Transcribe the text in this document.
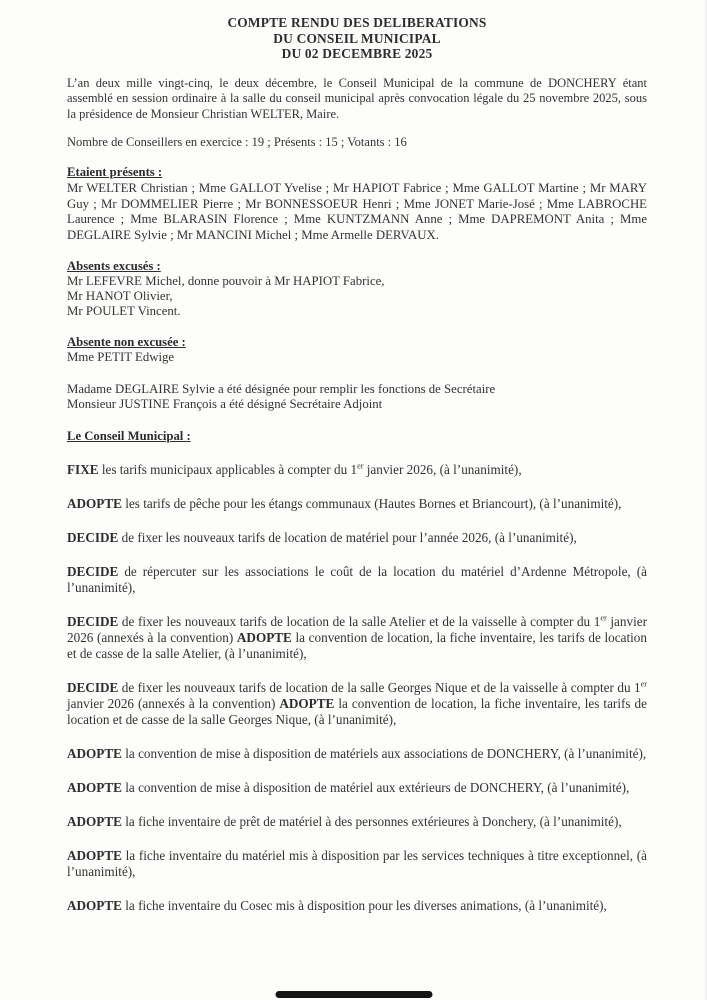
COMPTE RENDU DES DELIBERATIONS
DU CONSEIL MUNICIPAL
DU 02 DECEMBRE 2025

L’an deux mille vingt-cinq, le deux décembre, le Conseil Municipal de la commune de DONCHERY étant assemblé en session ordinaire à la salle du conseil municipal après convocation légale du 25 novembre 2025, sous la présidence de Monsieur Christian WELTER, Maire.

Nombre de Conseillers en exercice : 19 ; Présents : 15 ; Votants : 16

Etaient présents :

Mr WELTER Christian ; Mme GALLOT Yvelise ; Mr HAPIOT Fabrice ; Mme GALLOT Martine ; Mr MARY Guy ; Mr DOMMELIER Pierre ; Mr BONNESSOEUR Henri ; Mme JONET Marie-José ; Mme LABROCHE Laurence ; Mme BLARASIN Florence ; Mme KUNTZMANN Anne ; Mme DAPREMONT Anita ; Mme DEGLAIRE Sylvie ; Mr MANCINI Michel ; Mme Armelle DERVAUX.

Absents excusés :

Mr LEFEVRE Michel, donne pouvoir à Mr HAPIOT Fabrice,

Mr HANOT Olivier,

Mr POULET Vincent.

Absente non excusée :

Mme PETIT Edwige

Madame DEGLAIRE Sylvie a été désignée pour remplir les fonctions de Secrétaire

Monsieur JUSTINE François a été désigné Secrétaire Adjoint

Le Conseil Municipal :

FIXE les tarifs municipaux applicables à compter du 1er janvier 2026, (à l’unanimité),

ADOPTE les tarifs de pêche pour les étangs communaux (Hautes Bornes et Briancourt), (à l’unanimité),

DECIDE de fixer les nouveaux tarifs de location de matériel pour l’année 2026, (à l’unanimité),

DECIDE de répercuter sur les associations le coût de la location du matériel d’Ardenne Métropole, (à l’unanimité),

DECIDE de fixer les nouveaux tarifs de location de la salle Atelier et de la vaisselle à compter du 1er janvier 2026 (annexés à la convention) ADOPTE la convention de location, la fiche inventaire, les tarifs de location et de casse de la salle Atelier, (à l’unanimité),

DECIDE de fixer les nouveaux tarifs de location de la salle Georges Nique et de la vaisselle à compter du 1er janvier 2026 (annexés à la convention) ADOPTE la convention de location, la fiche inventaire, les tarifs de location et de casse de la salle Georges Nique, (à l’unanimité),

ADOPTE la convention de mise à disposition de matériels aux associations de DONCHERY, (à l’unanimité),

ADOPTE la convention de mise à disposition de matériel aux extérieurs de DONCHERY, (à l’unanimité),

ADOPTE la fiche inventaire de prêt de matériel à des personnes extérieures à Donchery, (à l’unanimité),

ADOPTE la fiche inventaire du matériel mis à disposition par les services techniques à titre exceptionnel, (à l’unanimité),

ADOPTE la fiche inventaire du Cosec mis à disposition pour les diverses animations, (à l’unanimité),
